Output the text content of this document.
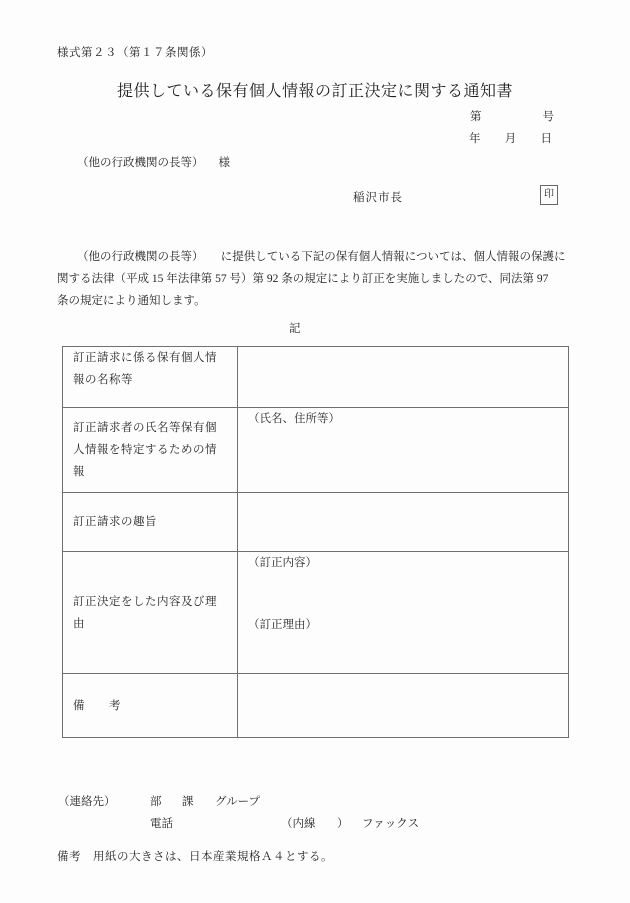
様式第２３（第１７条関係）
提供している保有個人情報の訂正決定に関する通知書
第	号
年 月 日
（他の行政機関の長等） 様
稲沢市長	印
（他の行政機関の長等）　　に提供している下記の保有個人情報については、個人情報の保護に
関する法律（平成 15 年法律第 57 号）第 92 条の規定により訂正を実施しましたので、同法第 97
条の規定により通知します。
記
訂正請求に係る保有個人情報の名称等	
訂正請求者の氏名等保有個人情報を特定するための情報	（氏名、住所等）
訂正請求の趣旨	
訂正決定をした内容及び理由	（訂正内容）
（訂正理由）

備　　考	
（連絡先）	部 課 グループ
電話	（内線 ） ファックス
備考　用紙の大きさは、日本産業規格Ａ４とする。
